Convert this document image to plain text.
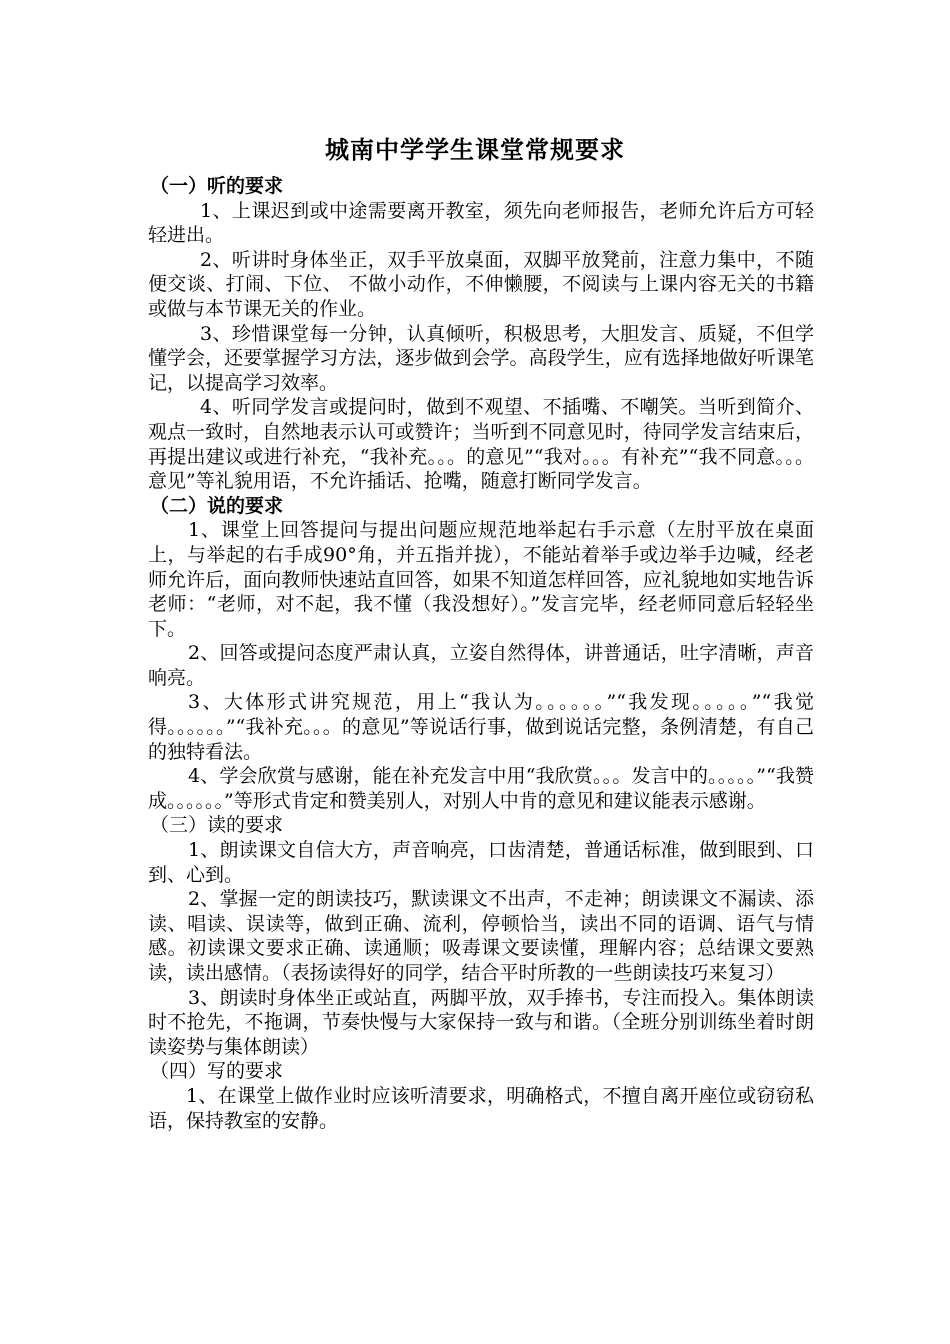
城南中学学生课堂常规要求
（一）听的要求

1、上课迟到或中途需要离开教室，须先向老师报告，老师允许后方可轻轻进出。

2、听讲时身体坐正，双手平放桌面，双脚平放凳前，注意力集中，不随便交谈、打闹、下位、 不做小动作，不伸懒腰，不阅读与上课内容无关的书籍或做与本节课无关的作业。

3、珍惜课堂每一分钟，认真倾听，积极思考，大胆发言、质疑，不但学懂学会，还要掌握学习方法，逐步做到会学。高段学生，应有选择地做好听课笔记，以提高学习效率。

4、听同学发言或提问时，做到不观望、不插嘴、不嘲笑。当听到简介、观点一致时，自然地表示认可或赞许；当听到不同意见时，待同学发言结束后，再提出建议或进行补充，“我补充。。。的意见”“我对。。。有补充”“我不同意。。。意见”等礼貌用语，不允许插话、抢嘴，随意打断同学发言。

（二）说的要求

1、课堂上回答提问与提出问题应规范地举起右手示意（左肘平放在桌面上，与举起的右手成90°角，并五指并拢），不能站着举手或边举手边喊，经老师允许后，面向教师快速站直回答，如果不知道怎样回答，应礼貌地如实地告诉老师：“老师，对不起，我不懂（我没想好）。”发言完毕，经老师同意后轻轻坐下。

2、回答或提问态度严肃认真，立姿自然得体，讲普通话，吐字清晰，声音响亮。

3、大体形式讲究规范，用上“我认为。。。。。。”“我发现。。。。。”“我觉得。。。。。。”“我补充。。。的意见”等说话行事，做到说话完整，条例清楚，有自己的独特看法。

4、学会欣赏与感谢，能在补充发言中用“我欣赏。。。发言中的。。。。。”“我赞成。。。。。。”等形式肯定和赞美别人，对别人中肯的意见和建议能表示感谢。

（三）读的要求

1、朗读课文自信大方，声音响亮，口齿清楚，普通话标准，做到眼到、口到、心到。

2、掌握一定的朗读技巧，默读课文不出声，不走神；朗读课文不漏读、添读、唱读、误读等，做到正确、流利，停顿恰当，读出不同的语调、语气与情感。初读课文要求正确、读通顺；吸毒课文要读懂，理解内容；总结课文要熟读，读出感情。（表扬读得好的同学，结合平时所教的一些朗读技巧来复习）

3、朗读时身体坐正或站直，两脚平放，双手捧书，专注而投入。集体朗读时不抢先，不拖调，节奏快慢与大家保持一致与和谐。（全班分别训练坐着时朗读姿势与集体朗读）

（四）写的要求

1、在课堂上做作业时应该听清要求，明确格式，不擅自离开座位或窃窃私语，保持教室的安静。
